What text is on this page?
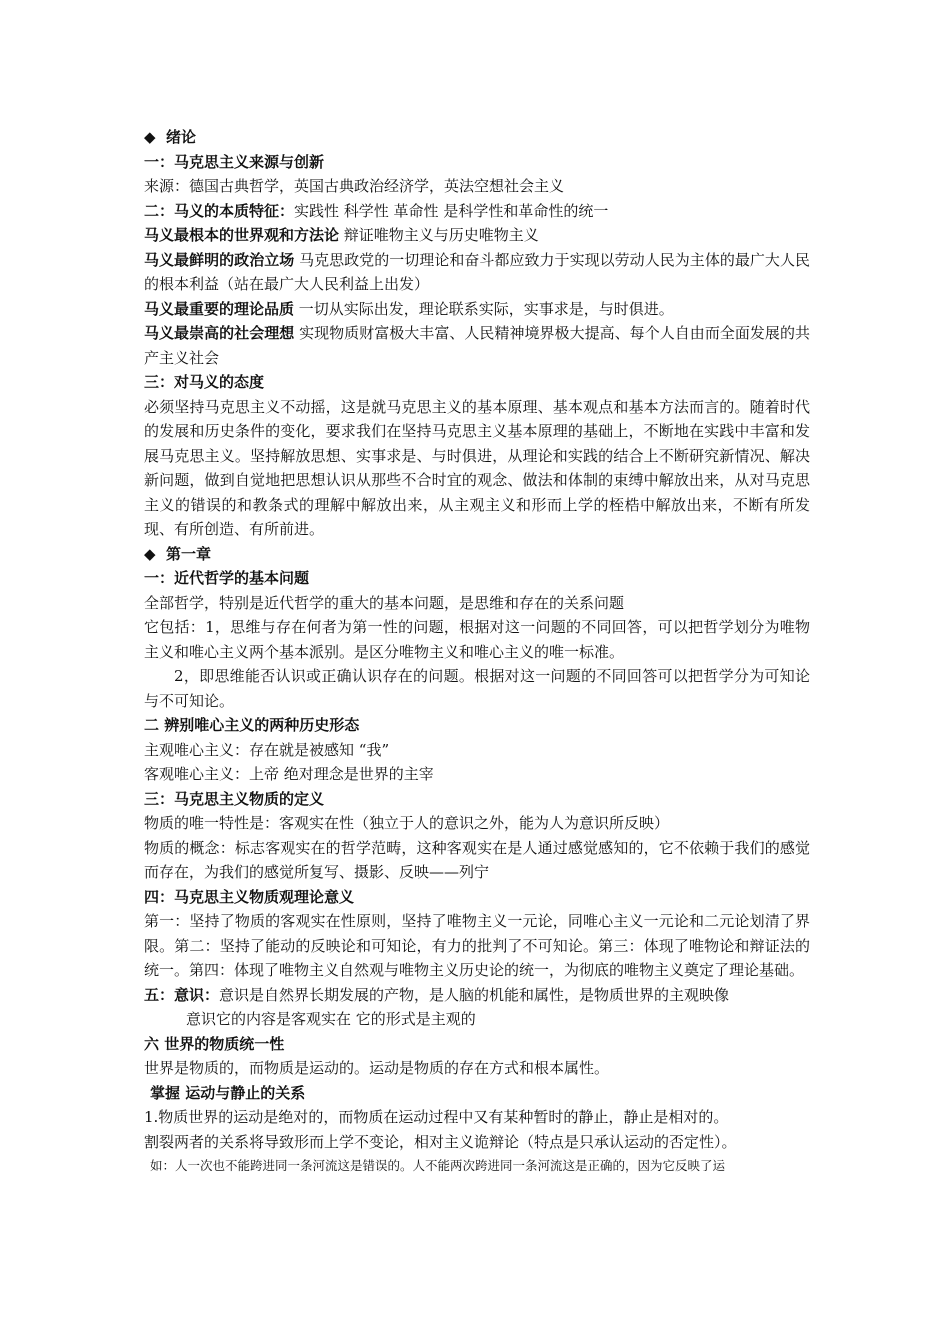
◆ 绪论

一：马克思主义来源与创新

来源：德国古典哲学，英国古典政治经济学，英法空想社会主义

二：马义的本质特征：实践性 科学性 革命性 是科学性和革命性的统一

马义最根本的世界观和方法论 辩证唯物主义与历史唯物主义

马义最鲜明的政治立场 马克思政党的一切理论和奋斗都应致力于实现以劳动人民为主体的最广大人民的根本利益（站在最广大人民利益上出发）

马义最重要的理论品质 一切从实际出发，理论联系实际，实事求是，与时俱进。

马义最崇高的社会理想 实现物质财富极大丰富、人民精神境界极大提高、每个人自由而全面发展的共产主义社会

三：对马义的态度

必须坚持马克思主义不动摇，这是就马克思主义的基本原理、基本观点和基本方法而言的。随着时代的发展和历史条件的变化，要求我们在坚持马克思主义基本原理的基础上，不断地在实践中丰富和发展马克思主义。坚持解放思想、实事求是、与时俱进，从理论和实践的结合上不断研究新情况、解决新问题，做到自觉地把思想认识从那些不合时宜的观念、做法和体制的束缚中解放出来，从对马克思主义的错误的和教条式的理解中解放出来，从主观主义和形而上学的桎梏中解放出来，不断有所发现、有所创造、有所前进。

◆ 第一章

一：近代哲学的基本问题

全部哲学，特别是近代哲学的重大的基本问题，是思维和存在的关系问题

它包括：1，思维与存在何者为第一性的问题，根据对这一问题的不同回答，可以把哲学划分为唯物主义和唯心主义两个基本派别。是区分唯物主义和唯心主义的唯一标准。

2，即思维能否认识或正确认识存在的问题。根据对这一问题的不同回答可以把哲学分为可知论与不可知论。

二 辨别唯心主义的两种历史形态

主观唯心主义：存在就是被感知 “我”

客观唯心主义：上帝 绝对理念是世界的主宰

三：马克思主义物质的定义

物质的唯一特性是：客观实在性（独立于人的意识之外，能为人为意识所反映）

物质的概念：标志客观实在的哲学范畴，这种客观实在是人通过感觉感知的，它不依赖于我们的感觉而存在，为我们的感觉所复写、摄影、反映——列宁

四：马克思主义物质观理论意义

第一：坚持了物质的客观实在性原则，坚持了唯物主义一元论，同唯心主义一元论和二元论划清了界限。第二：坚持了能动的反映论和可知论，有力的批判了不可知论。第三：体现了唯物论和辩证法的统一。第四：体现了唯物主义自然观与唯物主义历史论的统一，为彻底的唯物主义奠定了理论基础。

五：意识：意识是自然界长期发展的产物，是人脑的机能和属性，是物质世界的主观映像

意识它的内容是客观实在 它的形式是主观的

六 世界的物质统一性

世界是物质的，而物质是运动的。运动是物质的存在方式和根本属性。

掌握 运动与静止的关系

1.物质世界的运动是绝对的，而物质在运动过程中又有某种暂时的静止，静止是相对的。

割裂两者的关系将导致形而上学不变论，相对主义诡辩论（特点是只承认运动的否定性）。

如：人一次也不能跨进同一条河流这是错误的。人不能两次跨进同一条河流这是正确的，因为它反映了运
